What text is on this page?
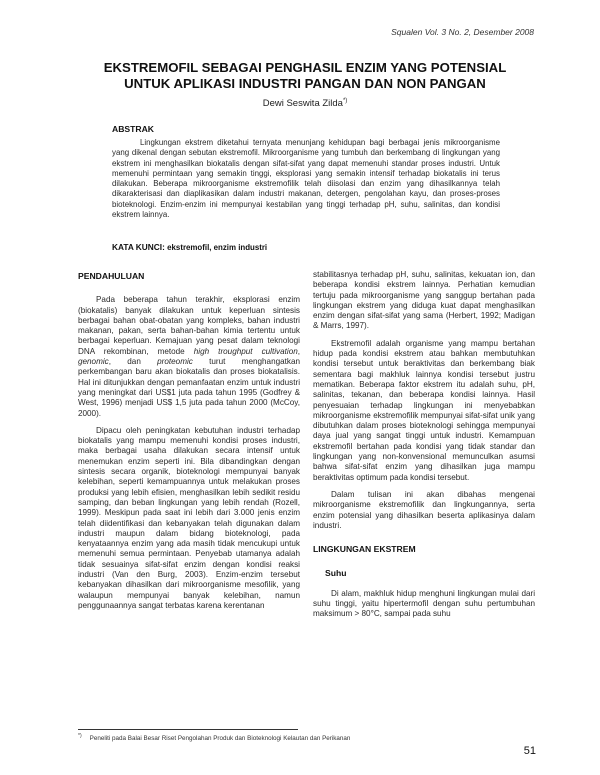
Squalen Vol. 3 No. 2, Desember 2008
EKSTREMOFIL SEBAGAI PENGHASIL ENZIM YANG POTENSIAL
UNTUK APLIKASI INDUSTRI PANGAN DAN NON PANGAN
Dewi Seswita Zilda*)
ABSTRAK

Lingkungan ekstrem diketahui ternyata menunjang kehidupan bagi berbagai jenis mikroorganisme yang dikenal dengan sebutan ekstremofil. Mikroorganisme yang tumbuh dan berkembang di lingkungan yang ekstrem ini menghasilkan biokatalis dengan sifat-sifat yang dapat memenuhi standar proses industri. Untuk memenuhi permintaan yang semakin tinggi, eksplorasi yang semakin intensif terhadap biokatalis ini terus dilakukan. Beberapa mikroorganisme ekstremofilik telah diisolasi dan enzim yang dihasilkannya telah dikarakterisasi dan diaplikasikan dalam industri makanan, detergen, pengolahan kayu, dan proses-proses bioteknologi. Enzim-enzim ini mempunyai kestabilan yang tinggi terhadap pH, suhu, salinitas, dan kondisi ekstrem lainnya.

KATA KUNCI: ekstremofil, enzim industri
PENDAHULUAN

Pada beberapa tahun terakhir, eksplorasi enzim (biokatalis) banyak dilakukan untuk keperluan sintesis berbagai bahan obat-obatan yang kompleks, bahan industri makanan, pakan, serta bahan-bahan kimia tertentu untuk berbagai keperluan. Kemajuan yang pesat dalam teknologi DNA rekombinan, metode high troughput cultivation, genomic, dan proteomic turut menghangatkan perkembangan baru akan biokatalis dan proses biokatalisis. Hal ini ditunjukkan dengan pemanfaatan enzim untuk industri yang meningkat dari US$1 juta pada tahun 1995 (Godfrey & West, 1996) menjadi US$ 1,5 juta pada tahun 2000 (McCoy, 2000).

Dipacu oleh peningkatan kebutuhan industri terhadap biokatalis yang mampu memenuhi kondisi proses industri, maka berbagai usaha dilakukan secara intensif untuk menemukan enzim seperti ini. Bila dibandingkan dengan sintesis secara organik, bioteknologi mempunyai banyak kelebihan, seperti kemampuannya untuk melakukan proses produksi yang lebih efisien, menghasilkan lebih sedikit residu samping, dan beban lingkungan yang lebih rendah (Rozell, 1999). Meskipun pada saat ini lebih dari 3.000 jenis enzim telah diidentifikasi dan kebanyakan telah digunakan dalam industri maupun dalam bidang bioteknologi, pada kenyataannya enzim yang ada masih tidak mencukupi untuk memenuhi semua permintaan. Penyebab utamanya adalah tidak sesuainya sifat-sifat enzim dengan kondisi reaksi industri (Van den Burg, 2003). Enzim-enzim tersebut kebanyakan dihasilkan dari mikroorganisme mesofilik, yang walaupun mempunyai banyak kelebihan, namun penggunaannya sangat terbatas karena kerentanan

stabilitasnya terhadap pH, suhu, salinitas, kekuatan ion, dan beberapa kondisi ekstrem lainnya. Perhatian kemudian tertuju pada mikroorganisme yang sanggup bertahan pada lingkungan ekstrem yang diduga kuat dapat menghasilkan enzim dengan sifat-sifat yang sama (Herbert, 1992; Madigan & Marrs, 1997).

Ekstremofil adalah organisme yang mampu bertahan hidup pada kondisi ekstrem atau bahkan membutuhkan kondisi tersebut untuk beraktivitas dan berkembang biak sementara bagi makhluk lainnya kondisi tersebut justru mematikan. Beberapa faktor ekstrem itu adalah suhu, pH, salinitas, tekanan, dan beberapa kondisi lainnya. Hasil penyesuaian terhadap lingkungan ini menyebabkan mikroorganisme ekstremofilik mempunyai sifat-sifat unik yang dibutuhkan dalam proses bioteknologi sehingga mempunyai daya jual yang sangat tinggi untuk industri. Kemampuan ekstremofil bertahan pada kondisi yang tidak standar dan lingkungan yang non-konvensional memunculkan asumsi bahwa sifat-sifat enzim yang dihasilkan juga mampu beraktivitas optimum pada kondisi tersebut.

Dalam tulisan ini akan dibahas mengenai mikroorganisme ekstremofilik dan lingkungannya, serta enzim potensial yang dihasilkan beserta aplikasinya dalam industri.

LINGKUNGAN EKSTREM
Suhu

Di alam, makhluk hidup menghuni lingkungan mulai dari suhu tinggi, yaitu hipertermofil dengan suhu pertumbuhan maksimum > 80°C, sampai pada suhu

*) Peneliti pada Balai Besar Riset Pengolahan Produk dan Bioteknologi Kelautan dan Perikanan
51
